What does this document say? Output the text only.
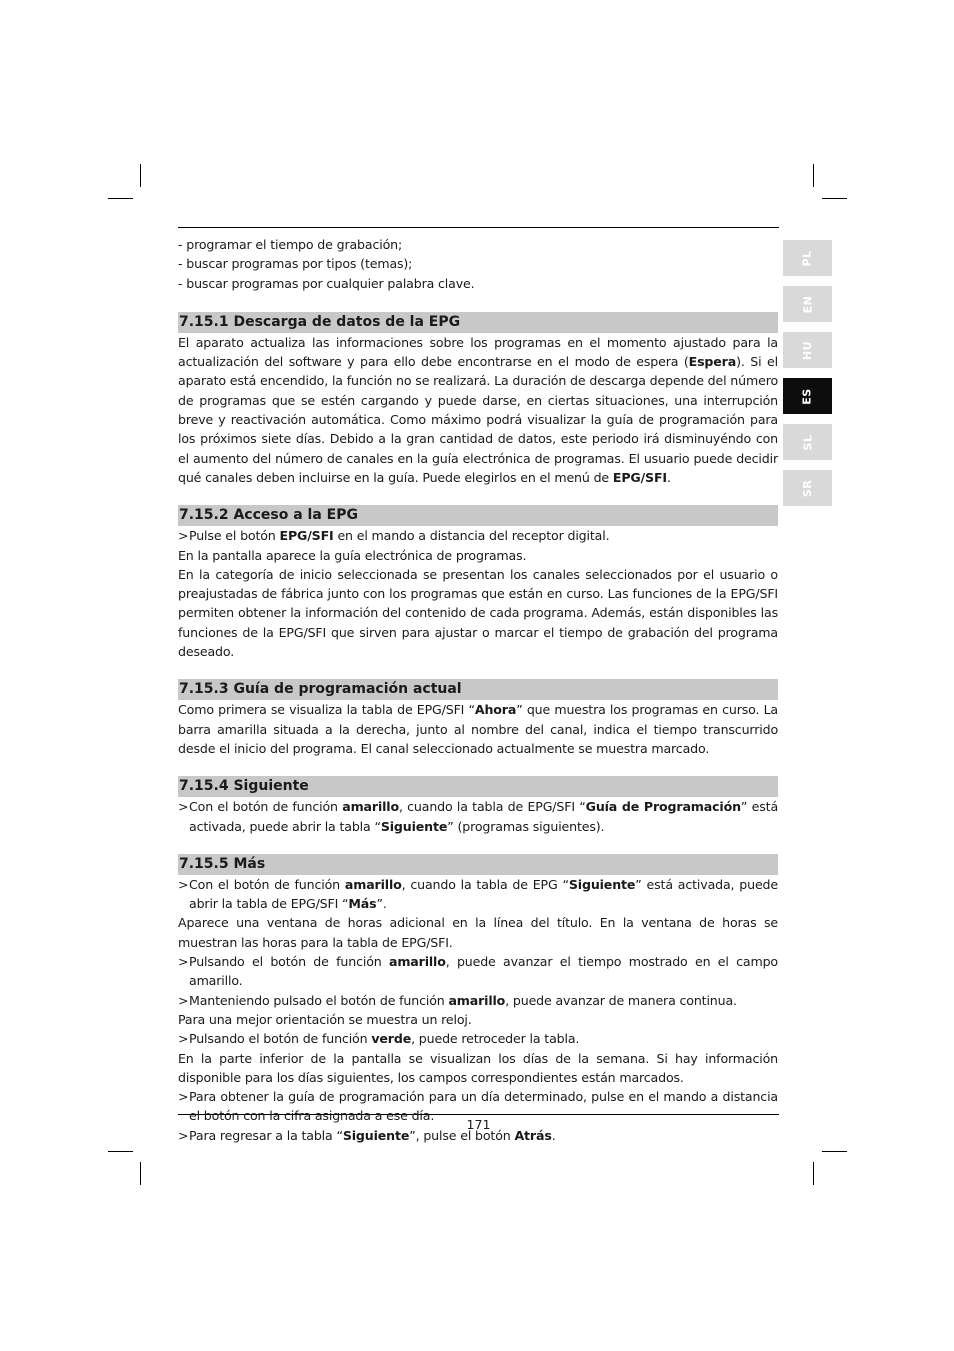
- programar el tiempo de grabación;

- buscar programas por tipos (temas);

- buscar programas por cualquier palabra clave.

7.15.1 Descarga de datos de la EPG

El aparato actualiza las informaciones sobre los programas en el momento ajustado para la actualización del software y para ello debe encontrarse en el modo de espera (Espera). Si el aparato está encendido, la función no se realizará. La duración de descarga depende del número de programas que se estén cargando y puede darse, en ciertas situaciones, una interrupción breve y reactivación automática. Como máximo podrá visualizar la guía de programación para los próximos siete días. Debido a la gran cantidad de datos, este periodo irá disminuyéndo con el aumento del número de canales en la guía electrónica de programas. El usuario puede decidir qué canales deben incluirse en la guía. Puede elegirlos en el menú de EPG/SFI.

7.15.2 Acceso a la EPG

>Pulse el botón EPG/SFI en el mando a distancia del receptor digital.

En la pantalla aparece la guía electrónica de programas.

En la categoría de inicio seleccionada se presentan los canales seleccionados por el usuario o preajustadas de fábrica junto con los programas que están en curso. Las funciones de la EPG/SFI permiten obtener la información del contenido de cada programa. Además, están disponibles las funciones de la EPG/SFI que sirven para ajustar o marcar el tiempo de grabación del programa deseado.

7.15.3 Guía de programación actual

Como primera se visualiza la tabla de EPG/SFI “Ahora” que muestra los programas en curso. La barra amarilla situada a la derecha, junto al nombre del canal, indica el tiempo transcurrido desde el inicio del programa. El canal seleccionado actualmente se muestra marcado.

7.15.4 Siguiente

>Con el botón de función amarillo, cuando la tabla de EPG/SFI “Guía de Programación” está activada, puede abrir la tabla “Siguiente” (programas siguientes).

7.15.5 Más

>Con el botón de función amarillo, cuando la tabla de EPG “Siguiente” está activada, puede abrir la tabla de EPG/SFI “Más”.

Aparece una ventana de horas adicional en la línea del título. En la ventana de horas se muestran las horas para la tabla de EPG/SFI.

>Pulsando el botón de función amarillo, puede avanzar el tiempo mostrado en el campo amarillo.

>Manteniendo pulsado el botón de función amarillo, puede avanzar de manera continua.

Para una mejor orientación se muestra un reloj.

>Pulsando el botón de función verde, puede retroceder la tabla.

En la parte inferior de la pantalla se visualizan los días de la semana. Si hay información disponible para los días siguientes, los campos correspondientes están marcados.

>Para obtener la guía de programación para un día determinado, pulse en el mando a distancia el botón con la cifra asignada a ese día.

>Para regresar a la tabla “Siguiente”, pulse el botón Atrás.

171
PL
EN
HU
ES
SL
SR
